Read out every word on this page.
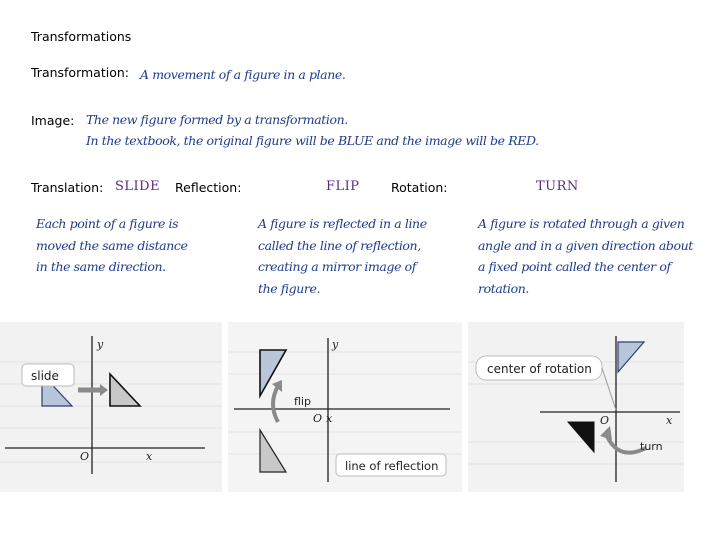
Transformations
Transformation: A movement of a figure in a plane.
Image: The new figure formed by a transformation.
In the textbook, the original figure will be BLUE and the image will be RED.
Translation: SLIDE Reflection:	FLIP	Rotation:	TURN
Each point of a figure is
moved the same distance
in the same direction.
A figure is reflected in a line
called the line of reflection,
creating a mirror image of
the figure.
A figure is rotated through a given
angle and in a given direction about
a fixed point called the center of
rotation.
y
x
O
slide
y
x
O
flip
line of reflection
x
O
center of rotation
turn
